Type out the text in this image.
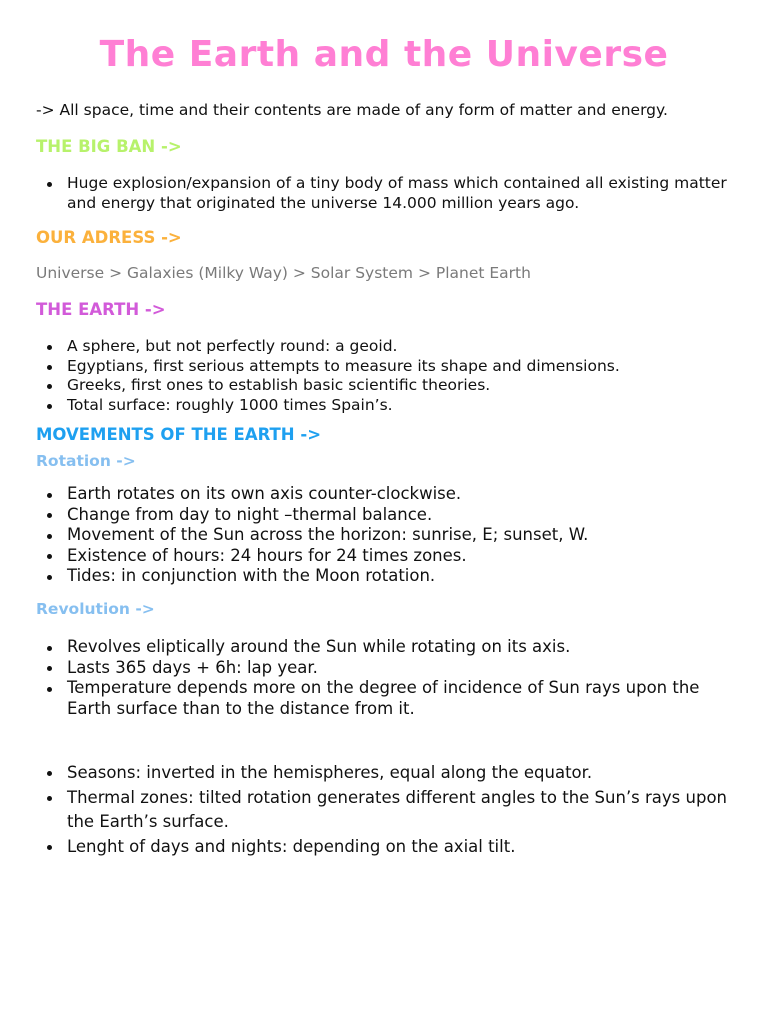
The Earth and the Universe

-> All space, time and their contents are made of any form of matter and energy.

THE BIG BAN ->
Huge explosion/expansion of a tiny body of mass which contained all existing matter and energy that originated the universe 14.000 million years ago.
OUR ADRESS ->

Universe > Galaxies (Milky Way) > Solar System > Planet Earth

THE EARTH ->
A sphere, but not perfectly round: a geoid.
Egyptians, first serious attempts to measure its shape and dimensions.
Greeks, first ones to establish basic scientific theories.
Total surface: roughly 1000 times Spain’s.
MOVEMENTS OF THE EARTH ->
Rotation ->
Earth rotates on its own axis counter-clockwise.
Change from day to night –thermal balance.
Movement of the Sun across the horizon: sunrise, E; sunset, W.
Existence of hours: 24 hours for 24 times zones.
Tides: in conjunction with the Moon rotation.
Revolution ->
Revolves eliptically around the Sun while rotating on its axis.
Lasts 365 days + 6h: lap year.
Temperature depends more on the degree of incidence of Sun rays upon the Earth surface than to the distance from it.
Seasons: inverted in the hemispheres, equal along the equator.
Thermal zones: tilted rotation generates different angles to the Sun’s rays upon the Earth’s surface.
Lenght of days and nights: depending on the axial tilt.
